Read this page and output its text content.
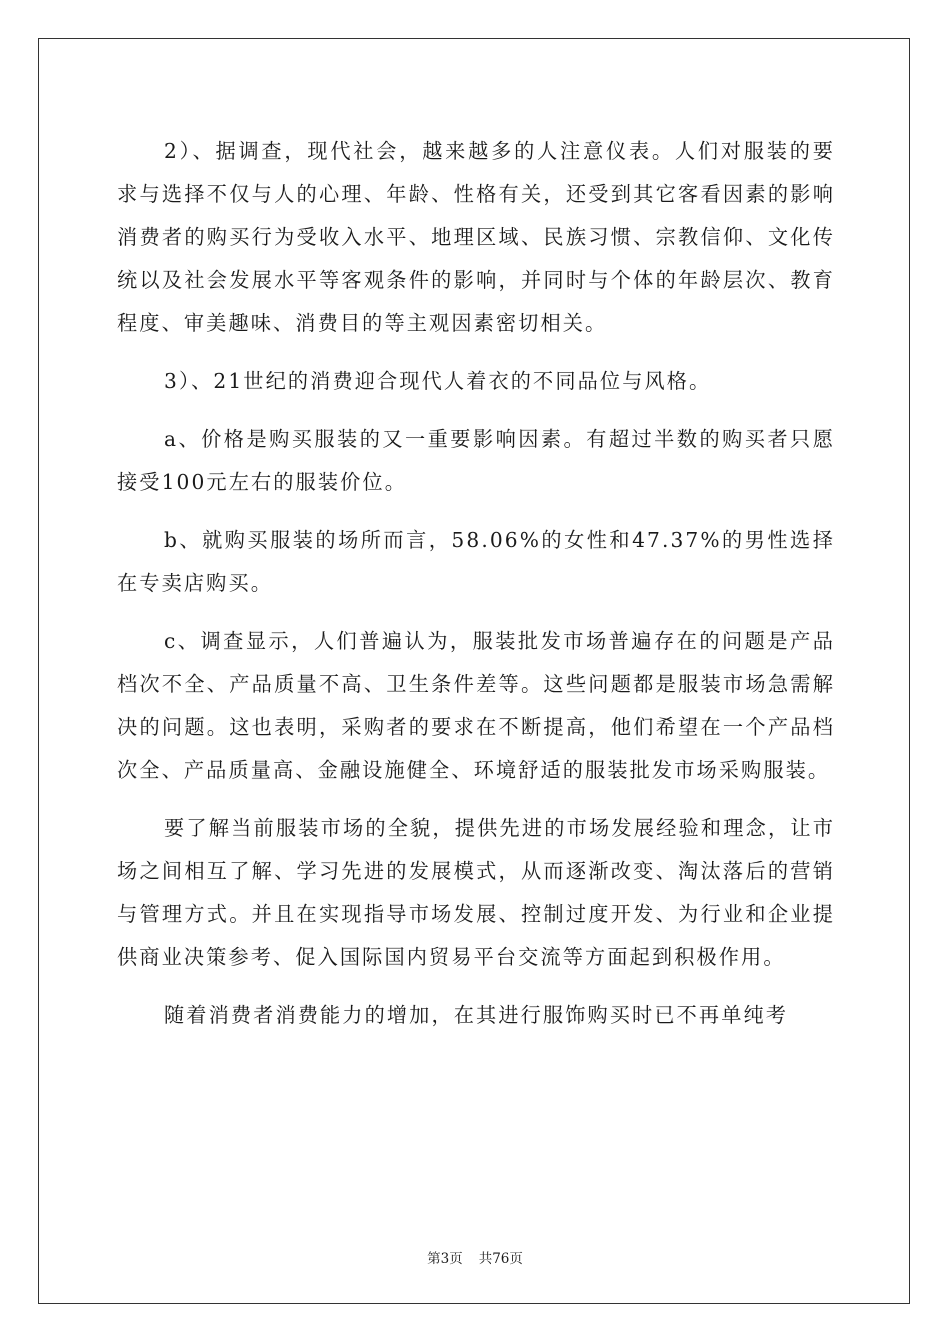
2）、据调查，现代社会，越来越多的人注意仪表。人们对服装的要求与选择不仅与人的心理、年龄、性格有关，还受到其它客看因素的影响消费者的购买行为受收入水平、地理区域、民族习惯、宗教信仰、文化传统以及社会发展水平等客观条件的影响，并同时与个体的年龄层次、教育程度、审美趣味、消费目的等主观因素密切相关。

3）、21世纪的消费迎合现代人着衣的不同品位与风格。

a、价格是购买服装的又一重要影响因素。有超过半数的购买者只愿接受100元左右的服装价位。

b、就购买服装的场所而言，58.06%的女性和47.37%的男性选择在专卖店购买。

c、调查显示，人们普遍认为，服装批发市场普遍存在的问题是产品档次不全、产品质量不高、卫生条件差等。这些问题都是服装市场急需解决的问题。这也表明，采购者的要求在不断提高，他们希望在一个产品档次全、产品质量高、金融设施健全、环境舒适的服装批发市场采购服装。

要了解当前服装市场的全貌，提供先进的市场发展经验和理念，让市场之间相互了解、学习先进的发展模式，从而逐渐改变、淘汰落后的营销与管理方式。并且在实现指导市场发展、控制过度开发、为行业和企业提供商业决策参考、促入国际国内贸易平台交流等方面起到积极作用。

随着消费者消费能力的增加，在其进行服饰购买时已不再单纯考

第3页 共76页
